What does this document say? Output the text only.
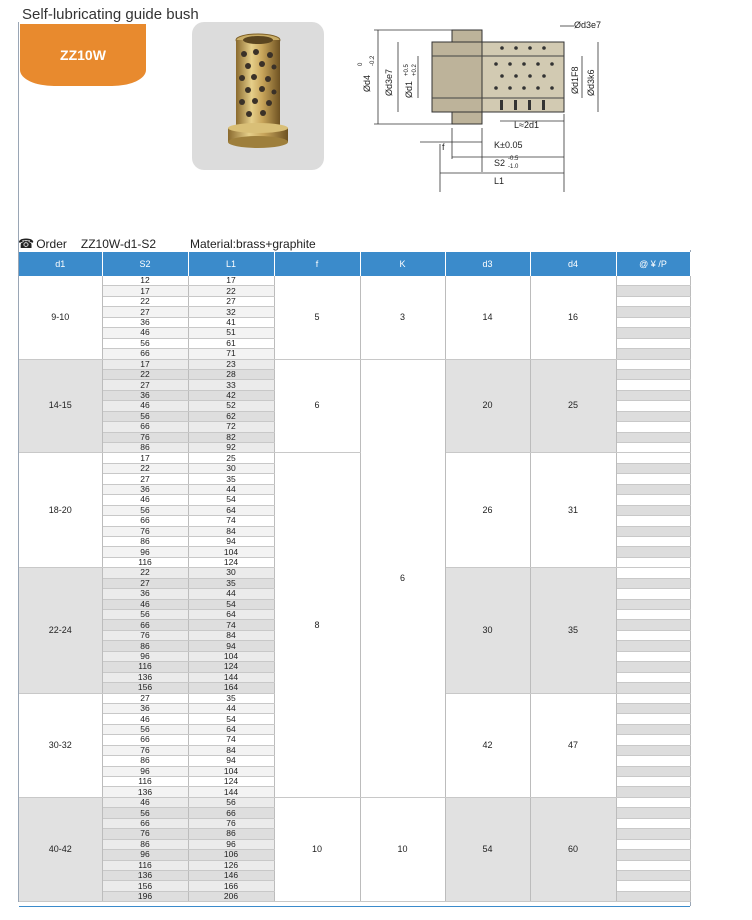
Self-lubricating guide bush
ZZ10W
Ød4
0 -0.2
Ød3e7 Ød1
+0.5 +0.2
Ød3e7
Ød1F8 Ød3k6
L≈2d1
f	K±0.05
S2 -0.5
-1.0
L1
☎ Order ZZ10W-d1-S2	Material:brass+graphite
d1	S2	L1	f	K	d3	d4	@ ¥ /P
9-10	12	17	5	3	14	16	
	17	22					
	22	27					
	27	32					
	36	41					
	46	51					
	56	61					
	66	71					
14-15	17	23	6	6	20	25	
	22	28					
	27	33					
	36	42					
	46	52					
	56	62					
	66	72					
	76	82					
	86	92					
18-20	17	25	8		26	31	
	22	30					
	27	35					
	36	44					
	46	54					
	56	64					
	66	74					
	76	84					
	86	94					
	96	104					
	116	124					
22-24	22	30			30	35	
	27	35					
	36	44					
	46	54					
	56	64					
	66	74					
	76	84					
	86	94					
	96	104					
	116	124					
	136	144					
	156	164					
30-32	27	35			42	47	
	36	44					
	46	54					
	56	64					
	66	74					
	76	84					
	86	94					
	96	104					
	116	124					
	136	144					
40-42	46	56	10	10	54	60	
	56	66					
	66	76					
	76	86					
	86	96					
	96	106					
	116	126					
	136	146					
	156	166					
	196	206					
